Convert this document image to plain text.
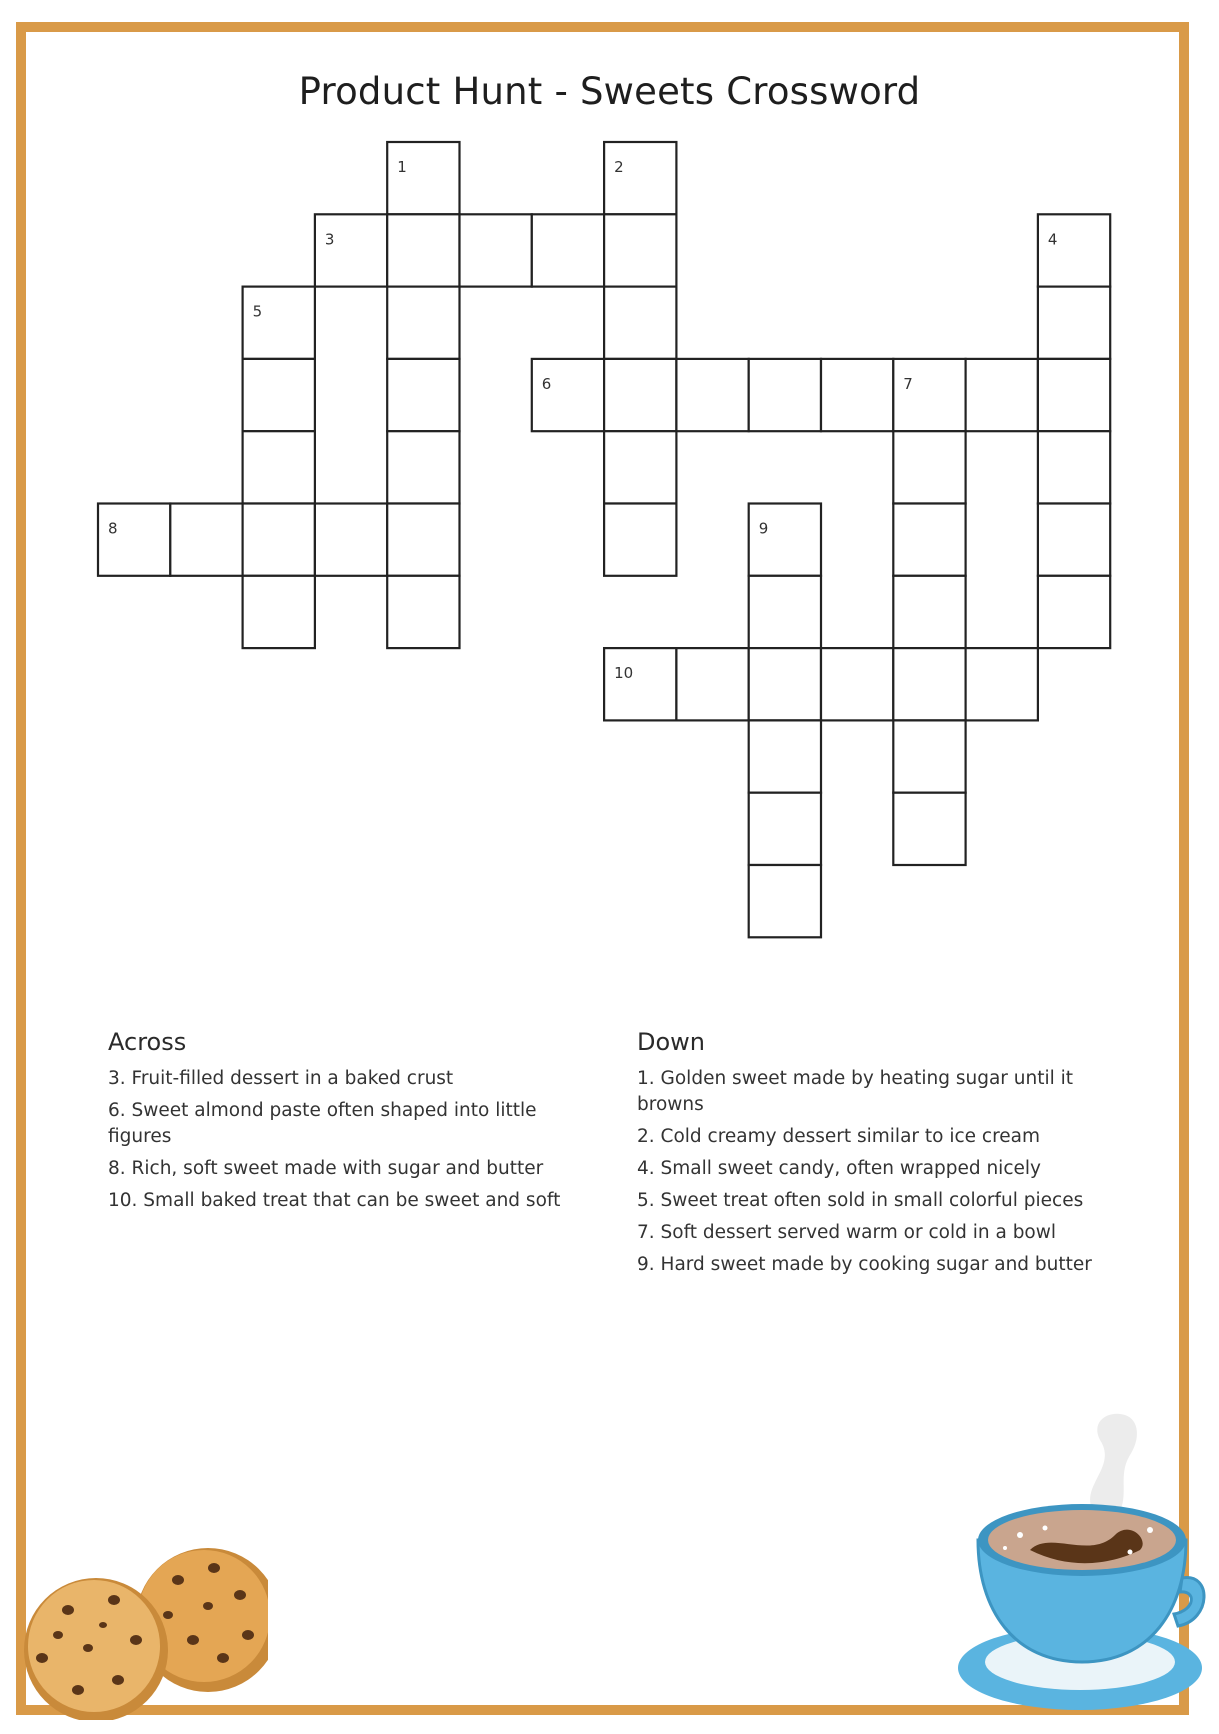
Product Hunt - Sweets Crossword
1	2
3	4
5
6	7
8	9
10
Across
3. Fruit-filled dessert in a baked crust
6. Sweet almond paste often shaped into little figures
8. Rich, soft sweet made with sugar and butter
10. Small baked treat that can be sweet and soft
Down
1. Golden sweet made by heating sugar until it browns
2. Cold creamy dessert similar to ice cream
4. Small sweet candy, often wrapped nicely
5. Sweet treat often sold in small colorful pieces
7. Soft dessert served warm or cold in a bowl
9. Hard sweet made by cooking sugar and butter
